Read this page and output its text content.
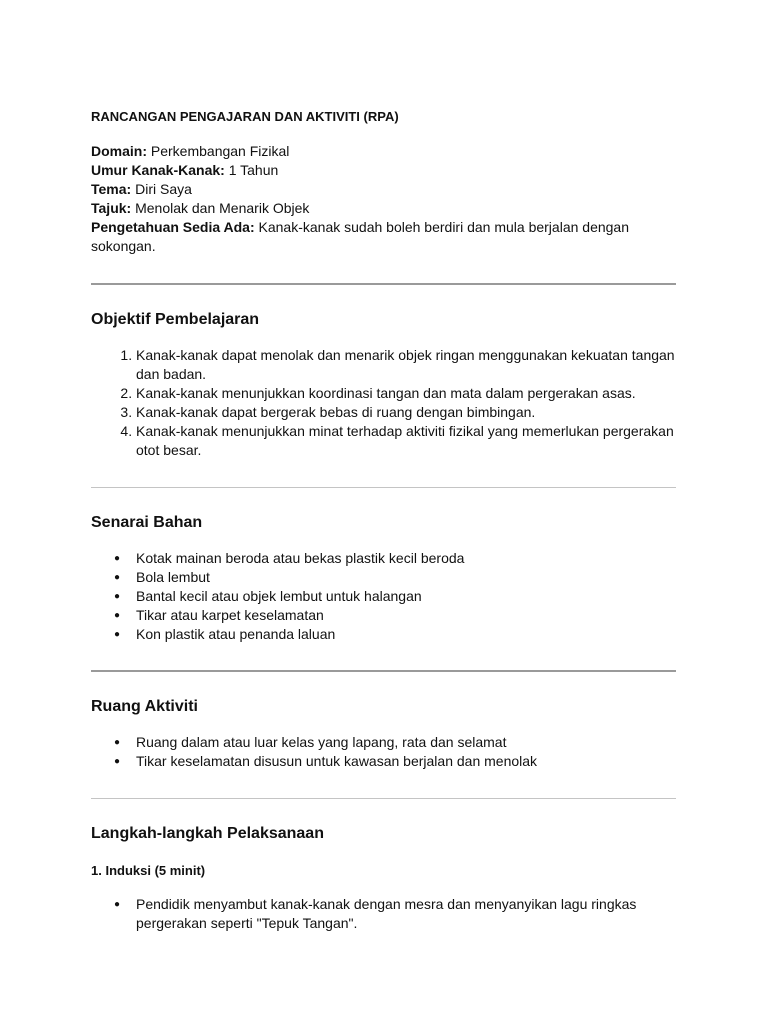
RANCANGAN PENGAJARAN DAN AKTIVITI (RPA)

Domain: Perkembangan Fizikal

Umur Kanak-Kanak: 1 Tahun

Tema: Diri Saya

Tajuk: Menolak dan Menarik Objek

Pengetahuan Sedia Ada: Kanak-kanak sudah boleh berdiri dan mula berjalan dengan sokongan.

Objektif Pembelajaran
1. Kanak-kanak dapat menolak dan menarik objek ringan menggunakan kekuatan tangan dan badan.
2. Kanak-kanak menunjukkan koordinasi tangan dan mata dalam pergerakan asas.
3. Kanak-kanak dapat bergerak bebas di ruang dengan bimbingan.
4. Kanak-kanak menunjukkan minat terhadap aktiviti fizikal yang memerlukan pergerakan otot besar.
Senarai Bahan
● Kotak mainan beroda atau bekas plastik kecil beroda
● Bola lembut
● Bantal kecil atau objek lembut untuk halangan
● Tikar atau karpet keselamatan
● Kon plastik atau penanda laluan
Ruang Aktiviti
● Ruang dalam atau luar kelas yang lapang, rata dan selamat
● Tikar keselamatan disusun untuk kawasan berjalan dan menolak
Langkah-langkah Pelaksanaan

1. Induksi (5 minit)

● Pendidik menyambut kanak-kanak dengan mesra dan menyanyikan lagu ringkas pergerakan seperti "Tepuk Tangan".
